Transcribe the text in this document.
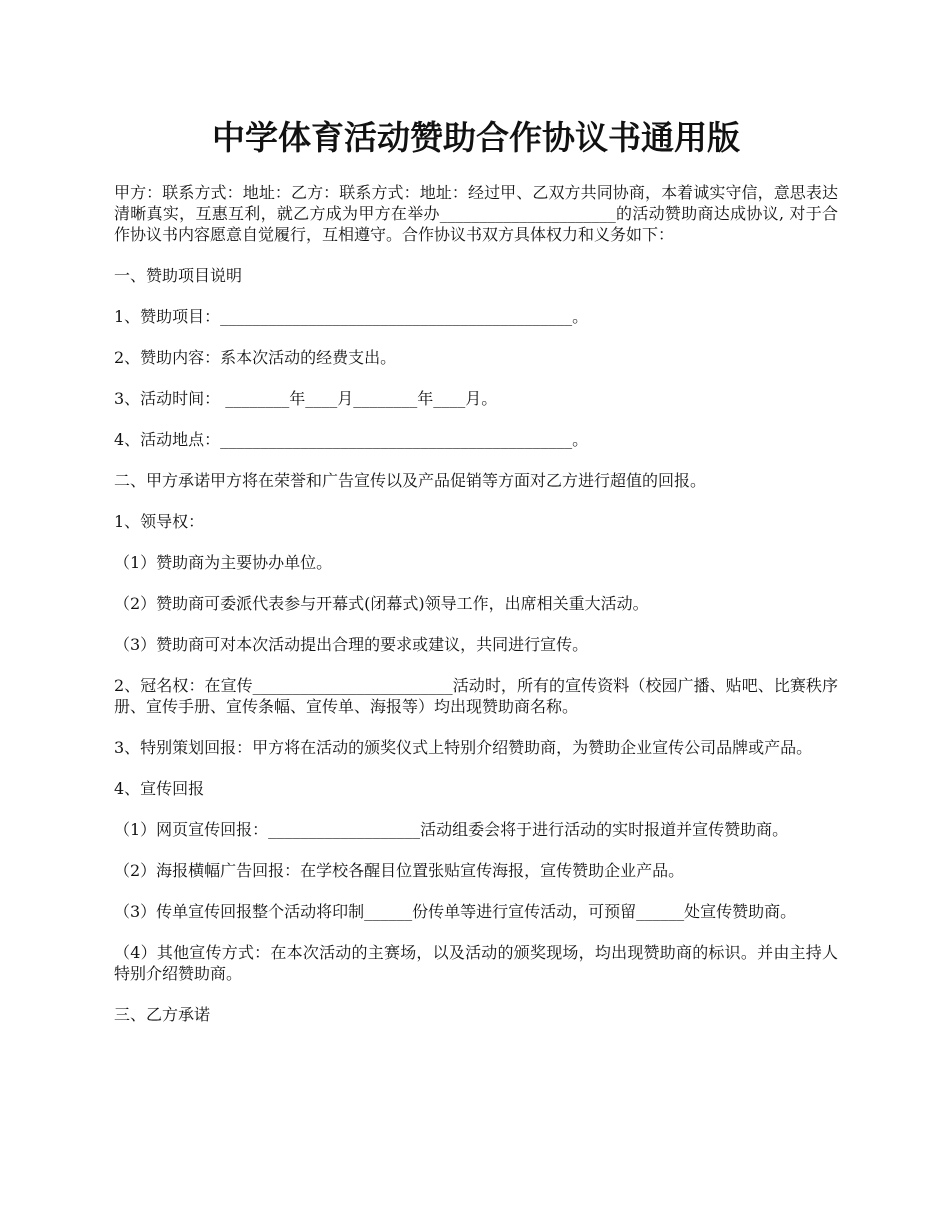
中学体育活动赞助合作协议书通用版

甲方：联系方式：地址：乙方：联系方式：地址：经过甲、乙双方共同协商，本着诚实守信，意思表达清晰真实，互惠互利，就乙方成为甲方在举办______________________的活动赞助商达成协议, 对于合作协议书内容愿意自觉履行，互相遵守。合作协议书双方具体权力和义务如下：

一、赞助项目说明

1、赞助项目：____________________________________________。

2、赞助内容：系本次活动的经费支出。

3、活动时间： ________年____月________年____月。

4、活动地点：____________________________________________。

二、甲方承诺甲方将在荣誉和广告宣传以及产品促销等方面对乙方进行超值的回报。

1、领导权：

（1）赞助商为主要协办单位。

（2）赞助商可委派代表参与开幕式(闭幕式)领导工作，出席相关重大活动。

（3）赞助商可对本次活动提出合理的要求或建议，共同进行宣传。

2、冠名权：在宣传_________________________活动时，所有的宣传资料（校园广播、贴吧、比赛秩序册、宣传手册、宣传条幅、宣传单、海报等）均出现赞助商名称。

3、特别策划回报：甲方将在活动的颁奖仪式上特别介绍赞助商，为赞助企业宣传公司品牌或产品。

4、宣传回报

（1）网页宣传回报：___________________活动组委会将于进行活动的实时报道并宣传赞助商。

（2）海报横幅广告回报：在学校各醒目位置张贴宣传海报，宣传赞助企业产品。

（3）传单宣传回报整个活动将印制______份传单等进行宣传活动，可预留______处宣传赞助商。

（4）其他宣传方式：在本次活动的主赛场，以及活动的颁奖现场，均出现赞助商的标识。并由主持人特别介绍赞助商。

三、乙方承诺
